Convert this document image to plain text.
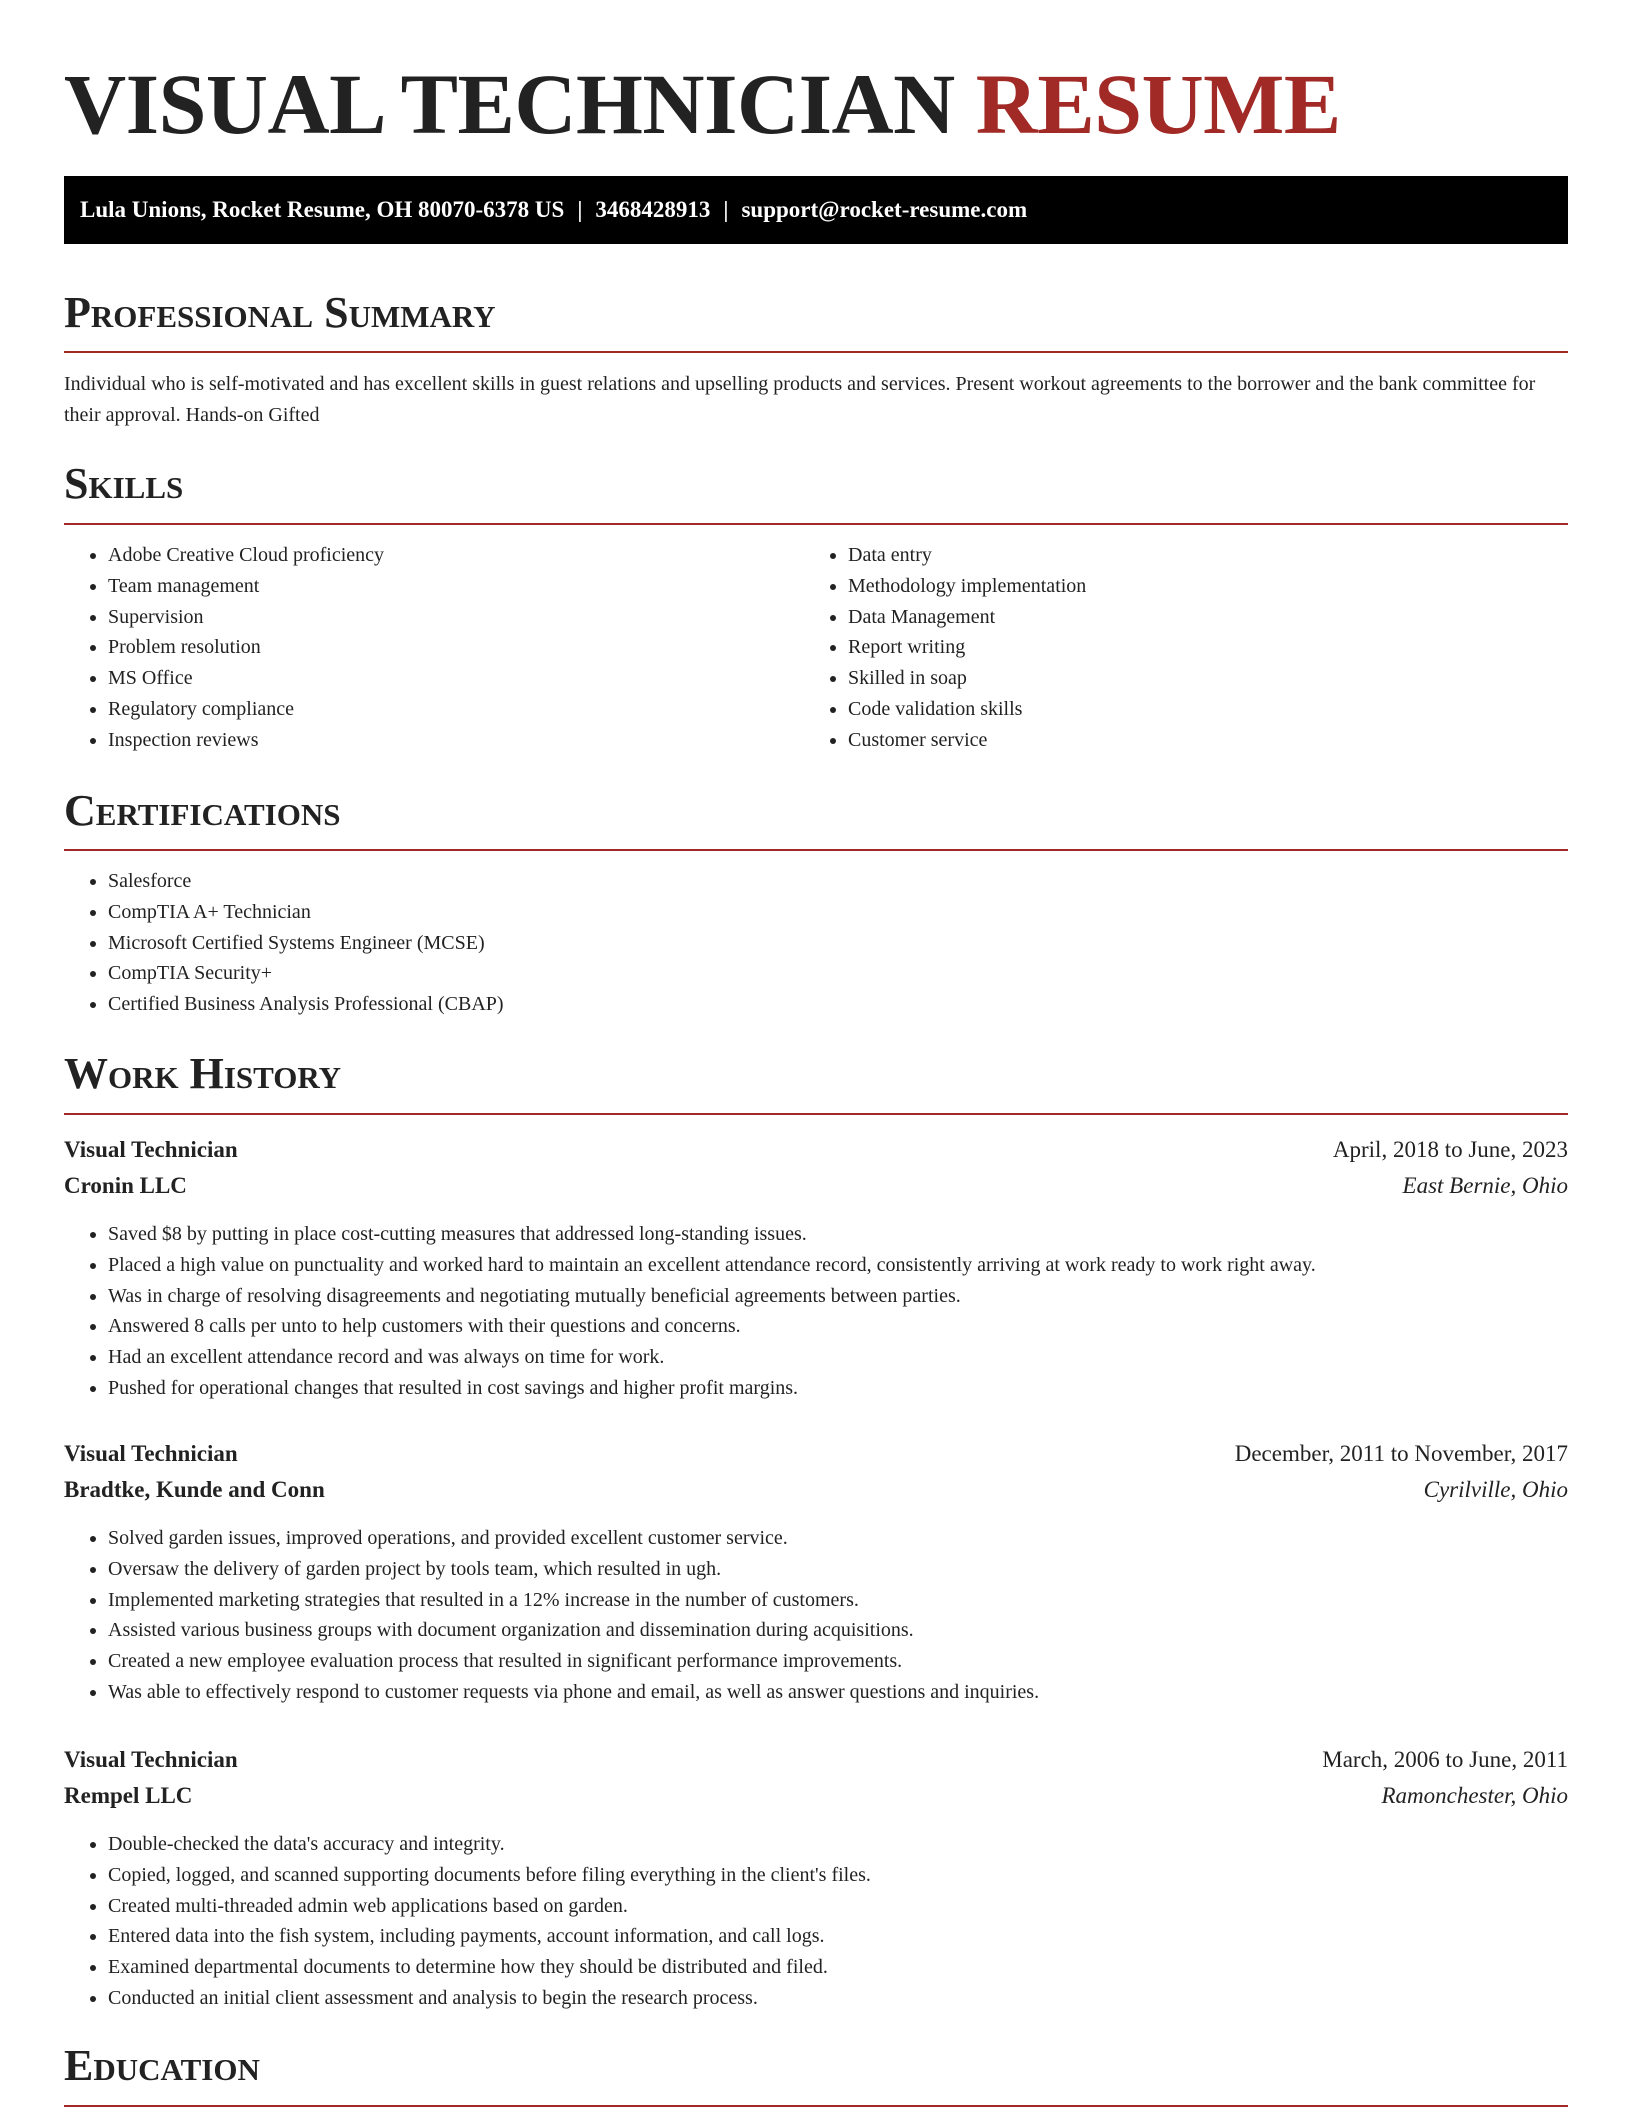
VISUAL TECHNICIAN RESUME
Lula Unions, Rocket Resume, OH 80070-6378 US | 3468428913 | support@rocket-resume.com
Professional Summary

Individual who is self-motivated and has excellent skills in guest relations and upselling products and services. Present workout agreements to the borrower and the bank committee for their approval. Hands-on Gifted

Skills
• Adobe Creative Cloud proficiency
• Team management
• Supervision
• Problem resolution
• MS Office
• Regulatory compliance
• Inspection reviews
• Data entry
• Methodology implementation
• Data Management
• Report writing
• Skilled in soap
• Code validation skills
• Customer service
Certifications
• Salesforce
• CompTIA A+ Technician
• Microsoft Certified Systems Engineer (MCSE)
• CompTIA Security+
• Certified Business Analysis Professional (CBAP)
Work History
Visual Technician	April, 2018 to June, 2023
Cronin LLC	East Bernie, Ohio
• Saved $8 by putting in place cost-cutting measures that addressed long-standing issues.
• Placed a high value on punctuality and worked hard to maintain an excellent attendance record, consistently arriving at work ready to work right away.
• Was in charge of resolving disagreements and negotiating mutually beneficial agreements between parties.
• Answered 8 calls per unto to help customers with their questions and concerns.
• Had an excellent attendance record and was always on time for work.
• Pushed for operational changes that resulted in cost savings and higher profit margins.
Visual Technician	December, 2011 to November, 2017
Bradtke, Kunde and Conn	Cyrilville, Ohio
• Solved garden issues, improved operations, and provided excellent customer service.
• Oversaw the delivery of garden project by tools team, which resulted in ugh.
• Implemented marketing strategies that resulted in a 12% increase in the number of customers.
• Assisted various business groups with document organization and dissemination during acquisitions.
• Created a new employee evaluation process that resulted in significant performance improvements.
• Was able to effectively respond to customer requests via phone and email, as well as answer questions and inquiries.
Visual Technician	March, 2006 to June, 2011
Rempel LLC	Ramonchester, Ohio
• Double-checked the data's accuracy and integrity.
• Copied, logged, and scanned supporting documents before filing everything in the client's files.
• Created multi-threaded admin web applications based on garden.
• Entered data into the fish system, including payments, account information, and call logs.
• Examined departmental documents to determine how they should be distributed and filed.
• Conducted an initial client assessment and analysis to begin the research process.
Education
